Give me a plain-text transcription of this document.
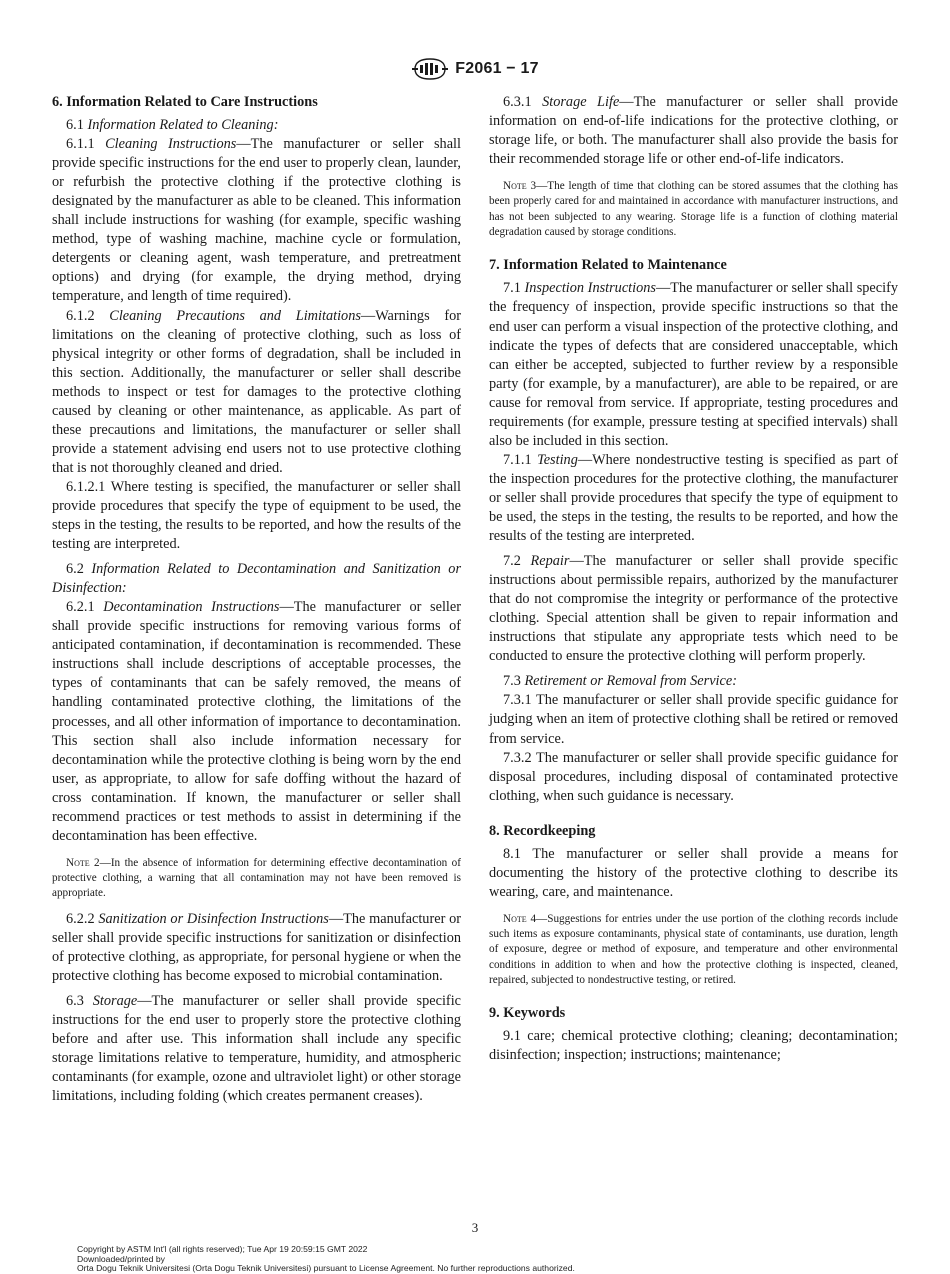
F2061 − 17
6. Information Related to Care Instructions

6.1 Information Related to Cleaning:

6.1.1 Cleaning Instructions—The manufacturer or seller shall provide specific instructions for the end user to properly clean, launder, or refurbish the protective clothing if the protective clothing is designated by the manufacturer as able to be cleaned. This information shall include instructions for washing (for example, specific washing method, type of washing machine, machine cycle or formulation, detergents or cleaning agent, wash temperature, and pretreatment options) and drying (for example, the drying method, drying temperature, and length of time required).

6.1.2 Cleaning Precautions and Limitations—Warnings for limitations on the cleaning of protective clothing, such as loss of physical integrity or other forms of degradation, shall be included in this section. Additionally, the manufacturer or seller shall describe methods to inspect or test for damages to the protective clothing caused by cleaning or other maintenance, as applicable. As part of these precautions and limitations, the manufacturer or seller shall provide a statement advising end users not to use protective clothing that is not thoroughly cleaned and dried.

6.1.2.1 Where testing is specified, the manufacturer or seller shall provide procedures that specify the type of equipment to be used, the steps in the testing, the results to be reported, and how the results of the testing are interpreted.

6.2 Information Related to Decontamination and Sanitization or Disinfection:

6.2.1 Decontamination Instructions—The manufacturer or seller shall provide specific instructions for removing various forms of anticipated contamination, if decontamination is recommended. These instructions shall include descriptions of acceptable processes, the types of contaminants that can be safely removed, the means of handling contaminated protective clothing, the limitations of the processes, and all other information of importance to decontamination. This section shall also include information necessary for decontamination while the protective clothing is being worn by the end user, as appropriate, to allow for safe doffing without the hazard of cross contamination. If known, the manufacturer or seller shall recommend practices or test methods to assist in determining if the decontamination has been effective.

Note 2—In the absence of information for determining effective decontamination of protective clothing, a warning that all contamination may not have been removed is appropriate.

6.2.2 Sanitization or Disinfection Instructions—The manufacturer or seller shall provide specific instructions for sanitization or disinfection of protective clothing, as appropriate, for personal hygiene or when the protective clothing has become exposed to microbial contamination.

6.3 Storage—The manufacturer or seller shall provide specific instructions for the end user to properly store the protective clothing before and after use. This information shall include any specific storage limitations relative to temperature, humidity, and atmospheric contaminants (for example, ozone and ultraviolet light) or other storage limitations, including folding (which creates permanent creases).

6.3.1 Storage Life—The manufacturer or seller shall provide information on end-of-life indications for the protective clothing, or storage life, or both. The manufacturer shall also provide the basis for their recommended storage life or other end-of-life indicators.

Note 3—The length of time that clothing can be stored assumes that the clothing has been properly cared for and maintained in accordance with manufacturer instructions, and has not been subjected to any wearing. Storage life is a function of clothing material degradation caused by storage conditions.

7. Information Related to Maintenance

7.1 Inspection Instructions—The manufacturer or seller shall specify the frequency of inspection, provide specific instructions so that the end user can perform a visual inspection of the protective clothing, and indicate the types of defects that are considered unacceptable, which can either be accepted, subjected to further review by a responsible party (for example, by a manufacturer), are able to be repaired, or are cause for removal from service. If appropriate, testing procedures and requirements (for example, pressure testing at specified intervals) shall also be included in this section.

7.1.1 Testing—Where nondestructive testing is specified as part of the inspection procedures for the protective clothing, the manufacturer or seller shall provide procedures that specify the type of equipment to be used, the steps in the testing, the results to be reported, and how the results of the testing are interpreted.

7.2 Repair—The manufacturer or seller shall provide specific instructions about permissible repairs, authorized by the manufacturer that do not compromise the integrity or performance of the protective clothing. Special attention shall be given to repair information and instructions that stipulate any appropriate tests which need to be conducted to ensure the protective clothing will perform properly.

7.3 Retirement or Removal from Service:

7.3.1 The manufacturer or seller shall provide specific guidance for judging when an item of protective clothing shall be retired or removed from service.

7.3.2 The manufacturer or seller shall provide specific guidance for disposal procedures, including disposal of contaminated protective clothing, when such guidance is necessary.

8. Recordkeeping

8.1 The manufacturer or seller shall provide a means for documenting the history of the protective clothing to describe its wearing, care, and maintenance.

Note 4—Suggestions for entries under the use portion of the clothing records include such items as exposure contaminants, physical state of contaminants, use duration, length of exposure, degree or method of exposure, and temperature and other environmental conditions in addition to when and how the protective clothing is inspected, cleaned, repaired, subjected to nondestructive testing, or retired.

9. Keywords

9.1 care; chemical protective clothing; cleaning; decontamination; disinfection; inspection; instructions; maintenance;

3
Copyright by ASTM Int'l (all rights reserved); Tue Apr 19 20:59:15 GMT 2022
Downloaded/printed by
Orta Dogu Teknik Universitesi (Orta Dogu Teknik Universitesi) pursuant to License Agreement. No further reproductions authorized.
